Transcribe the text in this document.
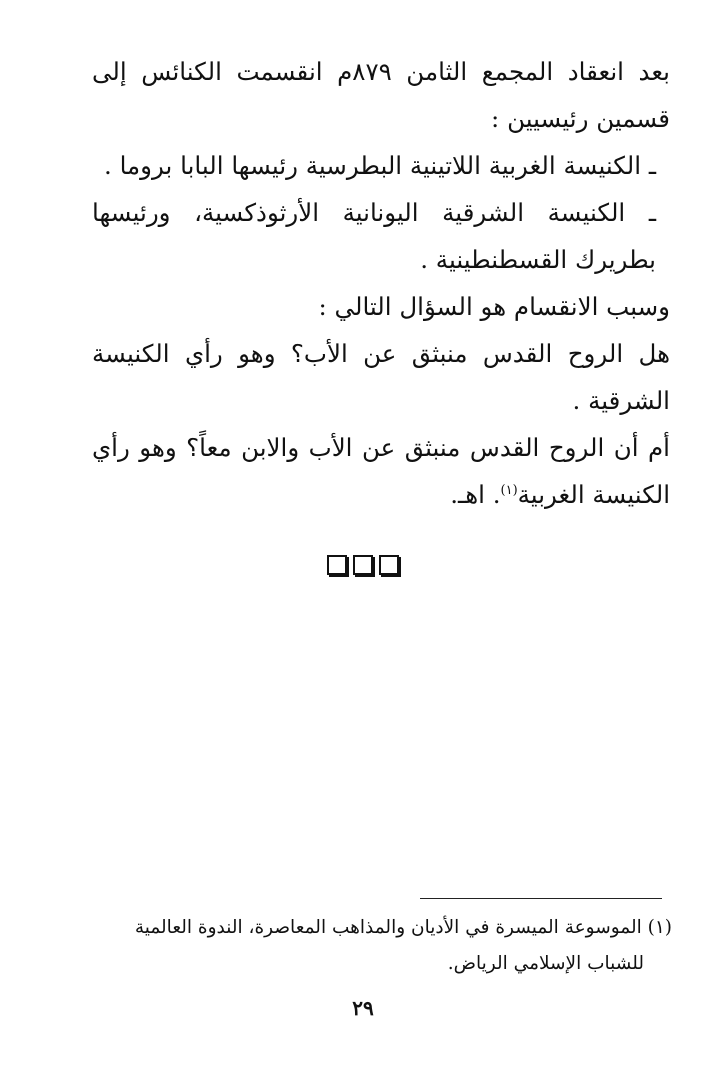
بعد انعقاد المجمع الثامن ٨٧٩م انقسمت الكنائس إلى قسمين رئيسيين :

ـ الكنيسة الغربية اللاتينية البطرسية رئيسها البابا بروما .

ـ الكنيسة الشرقية اليونانية الأرثوذكسية، ورئيسها بطريرك القسطنطينية .

وسبب الانقسام هو السؤال التالي :

هل الروح القدس منبثق عن الأب؟ وهو رأي الكنيسة الشرقية .

أم أن الروح القدس منبثق عن الأب والابن معاً؟ وهو رأي الكنيسة الغربية$^{(١)}$. اهـ.

(١) الموسوعة الميسرة في الأديان والمذاهب المعاصرة، الندوة العالمية
للشباب الإسلامي الرياض.
٢٩
